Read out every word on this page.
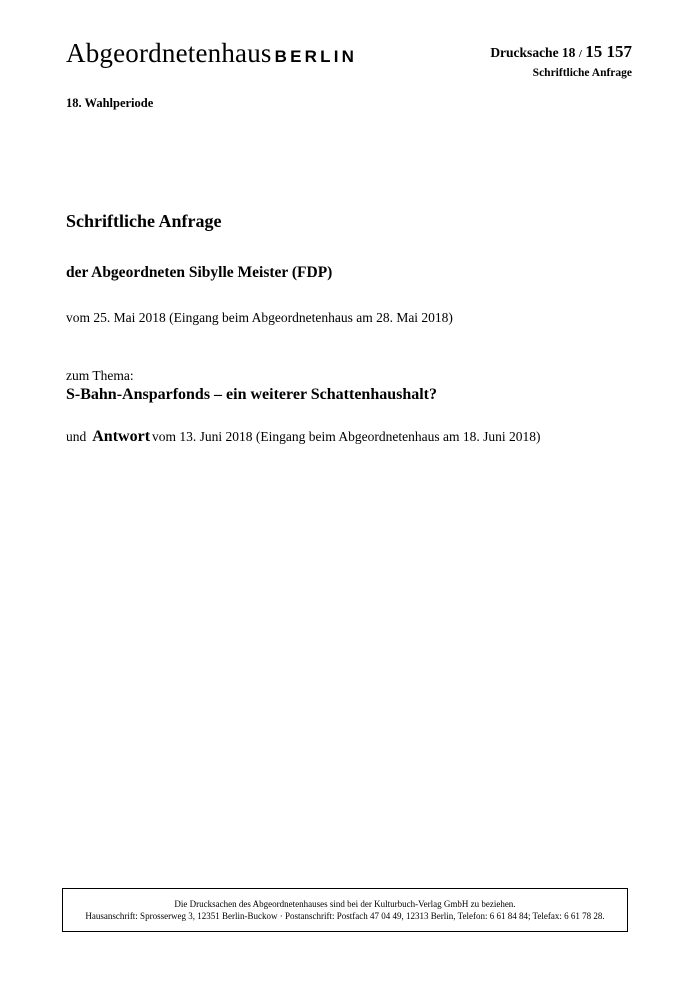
Abgeordnetenhaus BERLIN	Drucksache 18 / 15 157
Schriftliche Anfrage
18. Wahlperiode
Schriftliche Anfrage
der Abgeordneten Sibylle Meister (FDP)
vom 25. Mai 2018 (Eingang beim Abgeordnetenhaus am 28. Mai 2018)
zum Thema:
S-Bahn-Ansparfonds – ein weiterer Schattenhaushalt?
und Antwort vom 13. Juni 2018 (Eingang beim Abgeordnetenhaus am 18. Juni 2018)
Die Drucksachen des Abgeordnetenhauses sind bei der Kulturbuch-Verlag GmbH zu beziehen.
Hausanschrift: Sprosserweg 3, 12351 Berlin-Buckow · Postanschrift: Postfach 47 04 49, 12313 Berlin, Telefon: 6 61 84 84; Telefax: 6 61 78 28.
